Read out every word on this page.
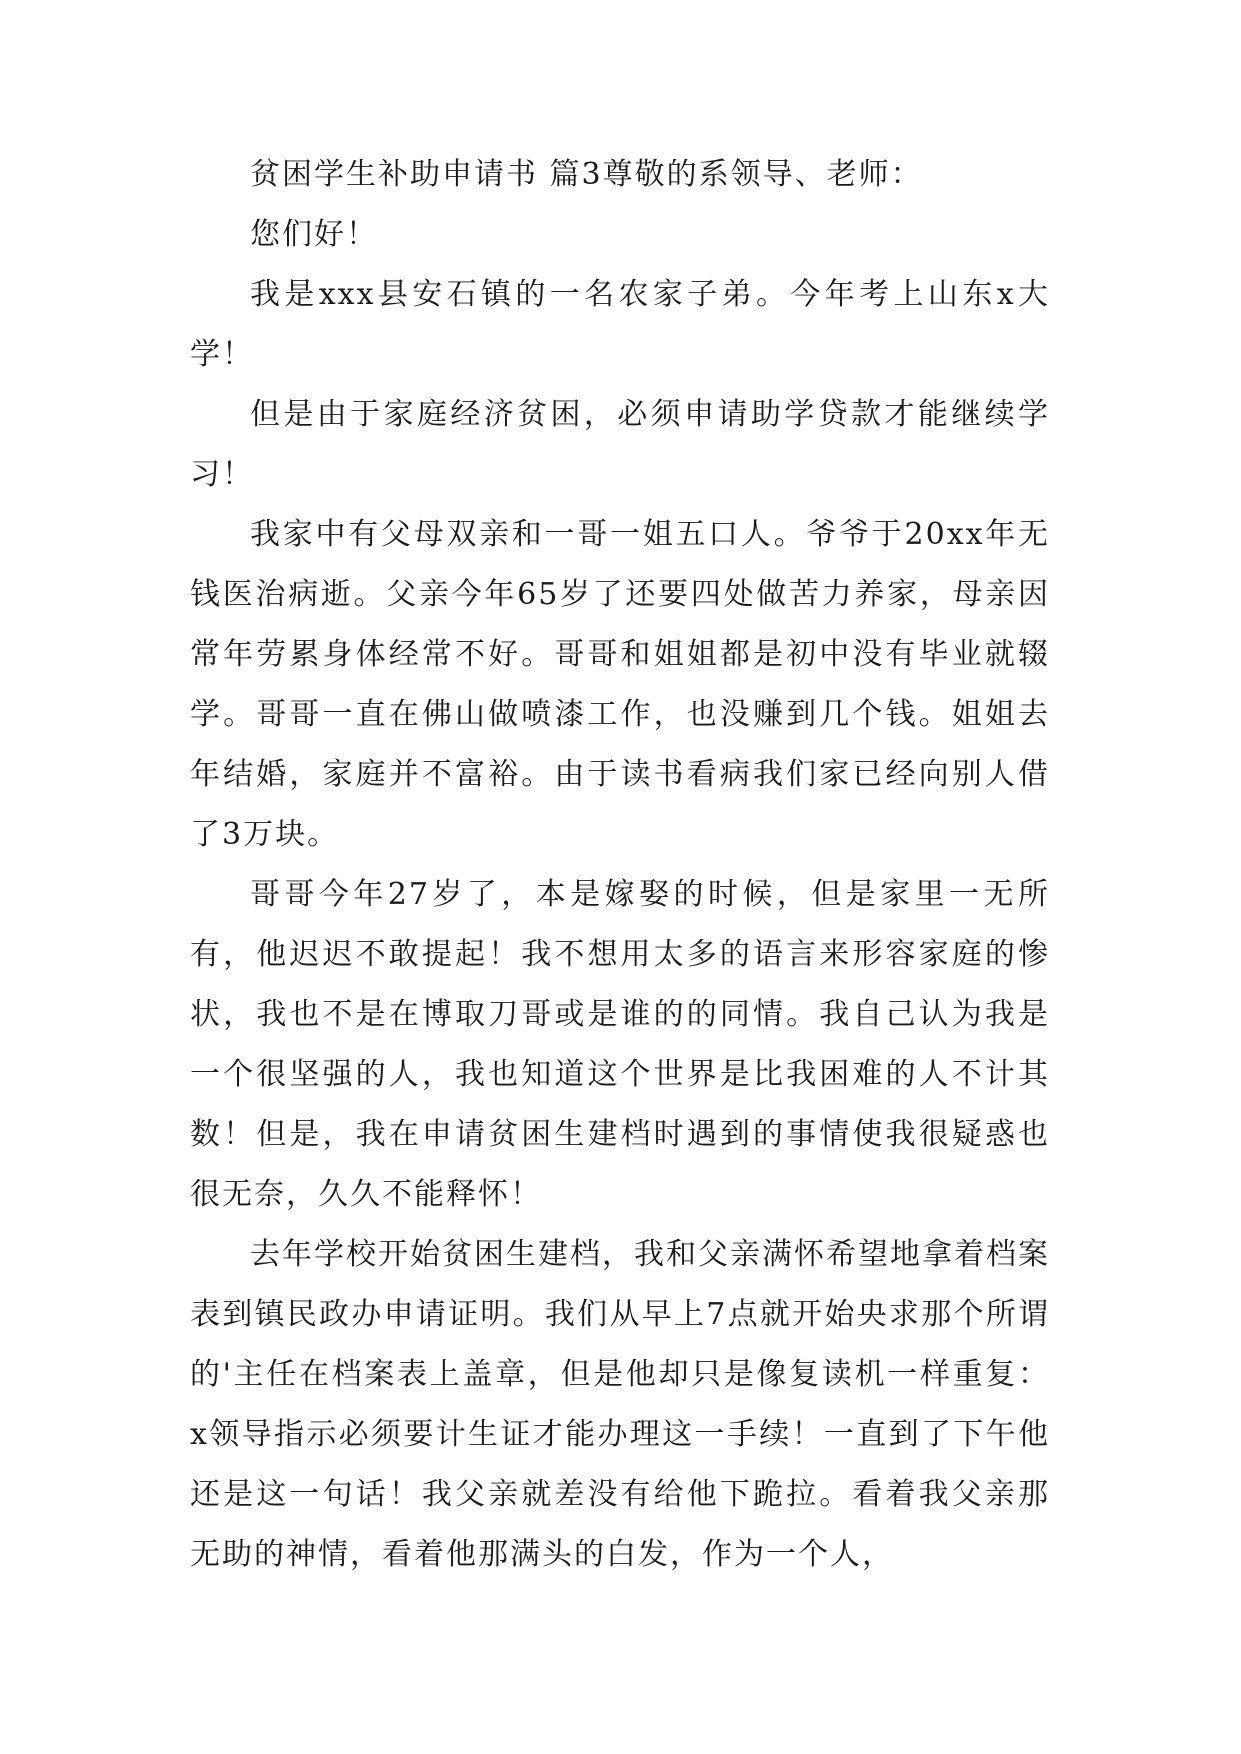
贫困学生补助申请书 篇3尊敬的系领导、老师：

您们好！

我是xxx县安石镇的一名农家子弟。今年考上山东x大学！

但是由于家庭经济贫困，必须申请助学贷款才能继续学习！

我家中有父母双亲和一哥一姐五口人。爷爷于20xx年无钱医治病逝。父亲今年65岁了还要四处做苦力养家，母亲因常年劳累身体经常不好。哥哥和姐姐都是初中没有毕业就辍学。哥哥一直在佛山做喷漆工作，也没赚到几个钱。姐姐去年结婚，家庭并不富裕。由于读书看病我们家已经向别人借了3万块。

哥哥今年27岁了，本是嫁娶的时候，但是家里一无所有，他迟迟不敢提起！我不想用太多的语言来形容家庭的惨状，我也不是在博取刀哥或是谁的的同情。我自己认为我是一个很坚强的人，我也知道这个世界是比我困难的人不计其数！但是，我在申请贫困生建档时遇到的事情使我很疑惑也很无奈，久久不能释怀！

去年学校开始贫困生建档，我和父亲满怀希望地拿着档案表到镇民政办申请证明。我们从早上7点就开始央求那个所谓的'主任在档案表上盖章，但是他却只是像复读机一样重复：x领导指示必须要计生证才能办理这一手续！一直到了下午他还是这一句话！我父亲就差没有给他下跪拉。看着我父亲那无助的神情，看着他那满头的白发，作为一个人，
